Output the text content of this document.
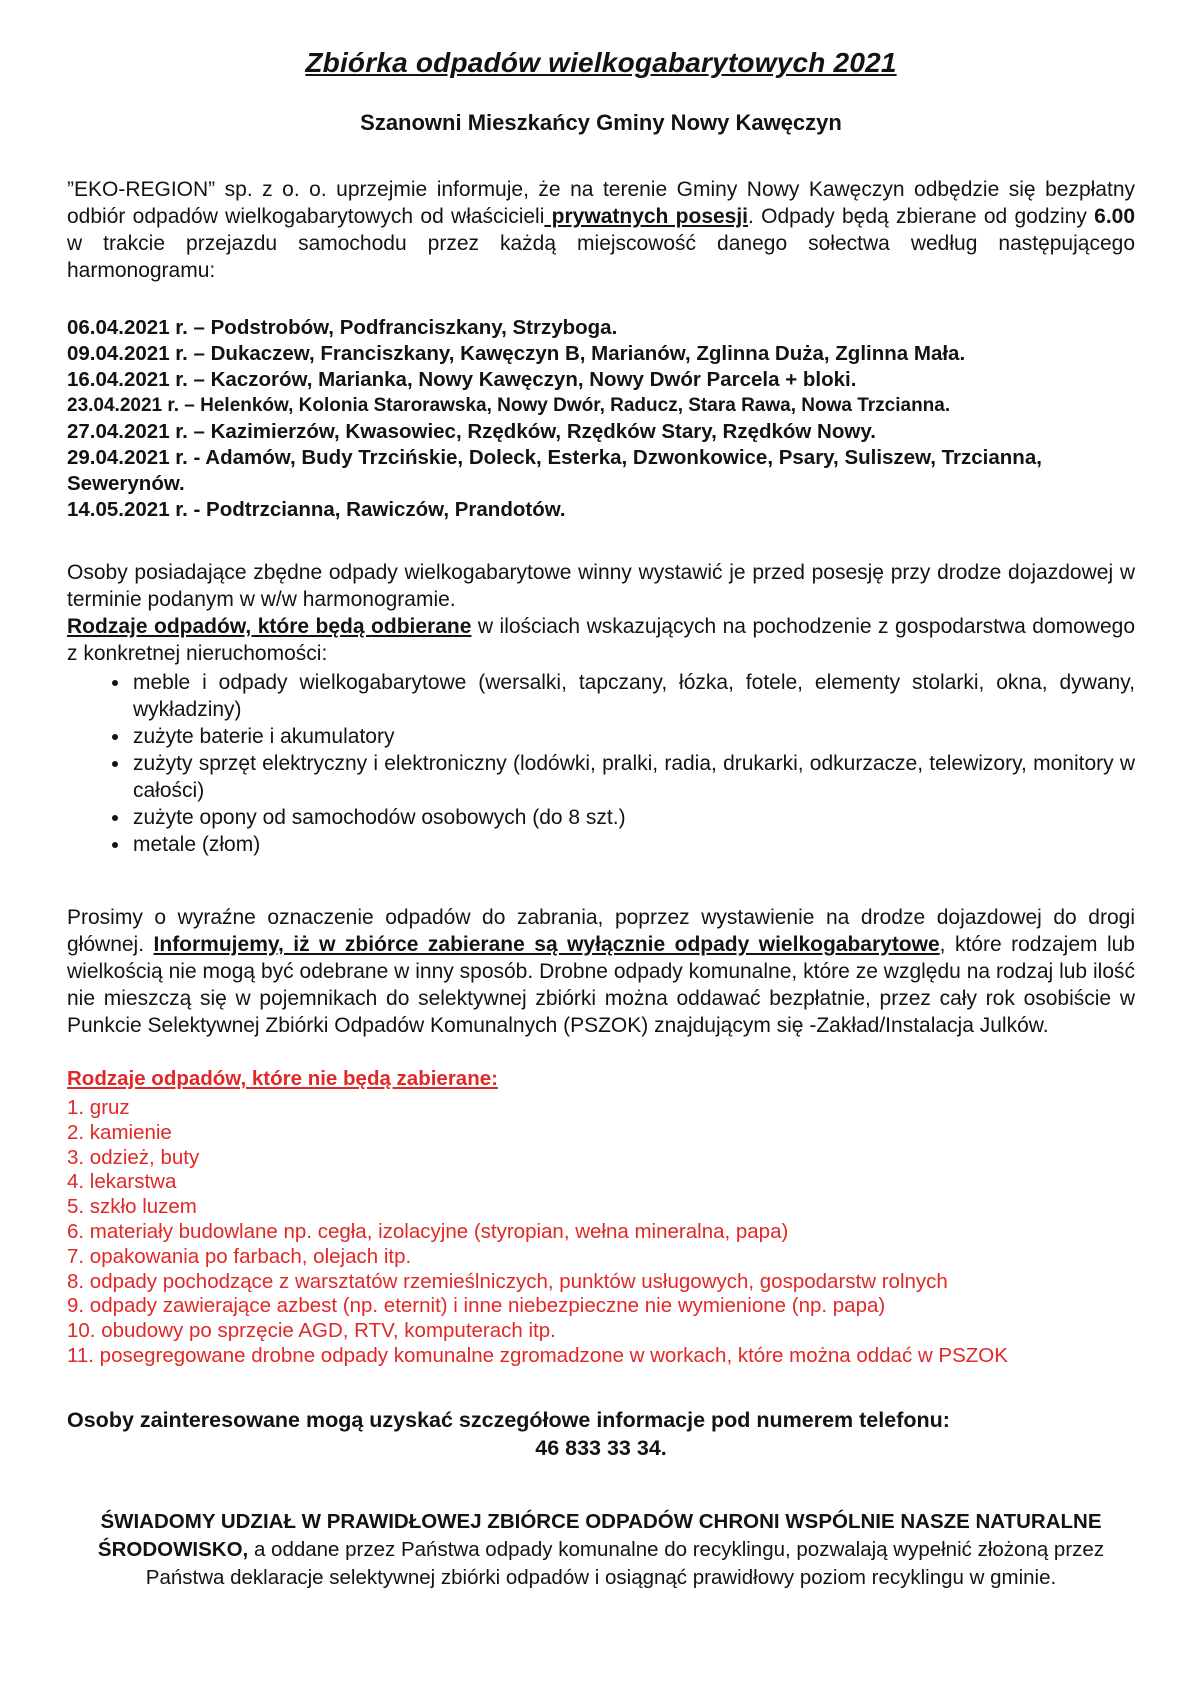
Zbiórka odpadów wielkogabarytowych 2021
Szanowni Mieszkańcy Gminy Nowy Kawęczyn

”EKO-REGION” sp. z o. o. uprzejmie informuje, że na terenie Gminy Nowy Kawęczyn odbędzie się bezpłatny odbiór odpadów wielkogabarytowych od właścicieli prywatnych posesji. Odpady będą zbierane od godziny 6.00 w trakcie przejazdu samochodu przez każdą miejscowość danego sołectwa według następującego harmonogramu:

06.04.2021 r. – Podstrobów, Podfranciszkany, Strzyboga.

09.04.2021 r. – Dukaczew, Franciszkany, Kawęczyn B, Marianów, Zglinna Duża, Zglinna Mała.

16.04.2021 r. – Kaczorów, Marianka, Nowy Kawęczyn, Nowy Dwór Parcela + bloki.

23.04.2021 r. – Helenków, Kolonia Starorawska, Nowy Dwór, Raducz, Stara Rawa, Nowa Trzcianna.

27.04.2021 r. – Kazimierzów, Kwasowiec, Rzędków, Rzędków Stary, Rzędków Nowy.

29.04.2021 r. - Adamów, Budy Trzcińskie, Doleck, Esterka, Dzwonkowice, Psary, Suliszew, Trzcianna, Sewerynów.

14.05.2021 r. - Podtrzcianna, Rawiczów, Prandotów.

Osoby posiadające zbędne odpady wielkogabarytowe winny wystawić je przed posesję przy drodze dojazdowej w terminie podanym w w/w harmonogramie.

Rodzaje odpadów, które będą odbierane w ilościach wskazujących na pochodzenie z gospodarstwa domowego z konkretnej nieruchomości:

• meble i odpady wielkogabarytowe (wersalki, tapczany, łózka, fotele, elementy stolarki, okna, dywany, wykładziny)
• zużyte baterie i akumulatory
• zużyty sprzęt elektryczny i elektroniczny (lodówki, pralki, radia, drukarki, odkurzacze, telewizory, monitory w całości)
• zużyte opony od samochodów osobowych (do 8 szt.)
• metale (złom)

Prosimy o wyraźne oznaczenie odpadów do zabrania, poprzez wystawienie na drodze dojazdowej do drogi głównej. Informujemy, iż w zbiórce zabierane są wyłącznie odpady wielkogabarytowe, które rodzajem lub wielkością nie mogą być odebrane w inny sposób. Drobne odpady komunalne, które ze względu na rodzaj lub ilość nie mieszczą się w pojemnikach do selektywnej zbiórki można oddawać bezpłatnie, przez cały rok osobiście w Punkcie Selektywnej Zbiórki Odpadów Komunalnych (PSZOK) znajdującym się -Zakład/Instalacja Julków.

Rodzaje odpadów, które nie będą zabierane:
1. gruz
2. kamienie
3. odzież, buty
4. lekarstwa
5. szkło luzem
6. materiały budowlane np. cegła, izolacyjne (styropian, wełna mineralna, papa)
7. opakowania po farbach, olejach itp.
8. odpady pochodzące z warsztatów rzemieślniczych, punktów usługowych, gospodarstw rolnych
9. odpady zawierające azbest (np. eternit) i inne niebezpieczne nie wymienione (np. papa)
10. obudowy po sprzęcie AGD, RTV, komputerach itp.
11. posegregowane drobne odpady komunalne zgromadzone w workach, które można oddać w PSZOK

Osoby zainteresowane mogą uzyskać szczegółowe informacje pod numerem telefonu:

46 833 33 34.

ŚWIADOMY UDZIAŁ W PRAWIDŁOWEJ ZBIÓRCE ODPADÓW CHRONI WSPÓLNIE NASZE NATURALNE ŚRODOWISKO, a oddane przez Państwa odpady komunalne do recyklingu, pozwalają wypełnić złożoną przez Państwa deklaracje selektywnej zbiórki odpadów i osiągnąć prawidłowy poziom recyklingu w gminie.
